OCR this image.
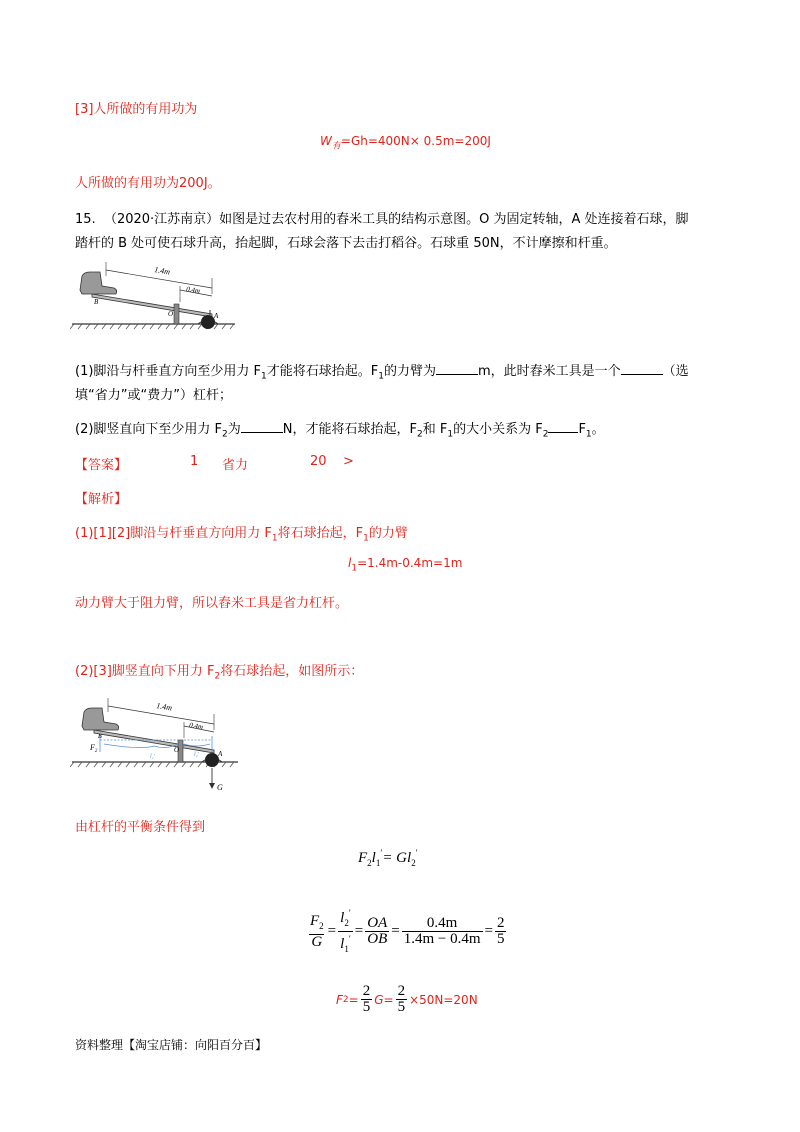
[3]人所做的有用功为
$W_有=Gh=400N\times 0.5m=200J$
人所做的有用功为200J。
15. （2020·江苏南京）如图是过去农村用的舂米工具的结构示意图。O 为固定转轴，A 处连接着石球，脚
踏杆的 B 处可使石球升高，抬起脚，石球会落下去击打稻谷。石球重 50N，不计摩擦和杆重。
1.4m
0.4m
B
O	A
(1)脚沿与杆垂直方向至少用力 $F_1$才能将石球抬起。$F_1$的力臂为	m，此时舂米工具是一个	（选
填“省力”或“费力”）杠杆；
(2)脚竖直向下至少用力 $F_2$为	N，才能将石球抬起，$F_2$和 $F_1$的大小关系为 $F_2$ $F_1$。
【答案】	1 省力	20 >
【解析】
(1)[1][2]脚沿与杆垂直方向用力 $F_1$将石球抬起，$F_1$的力臂
$l_1=1.4m-0.4m=1m$
动力臂大于阻力臂，所以舂米工具是省力杠杆。
(2)[3]脚竖直向下用力 $F_2$将石球抬起，如图所示：
1.4m
0.4m
$F_2$
B
O	A
l₁′	l₂′
G
由杠杆的平衡条件得到
$F_2l_1'= Gl_2'$
$\frac{F_2}{G} = \frac{l_2'}{l_1'} = \frac{OA}{OB} = \frac{0.4m}{1.4m - 0.4m} = \frac{2}{5}$
F $2 = \frac{2}{5} G= \frac{2}{5} \times 50N=20N$
资料整理【淘宝店铺：向阳百分百】
